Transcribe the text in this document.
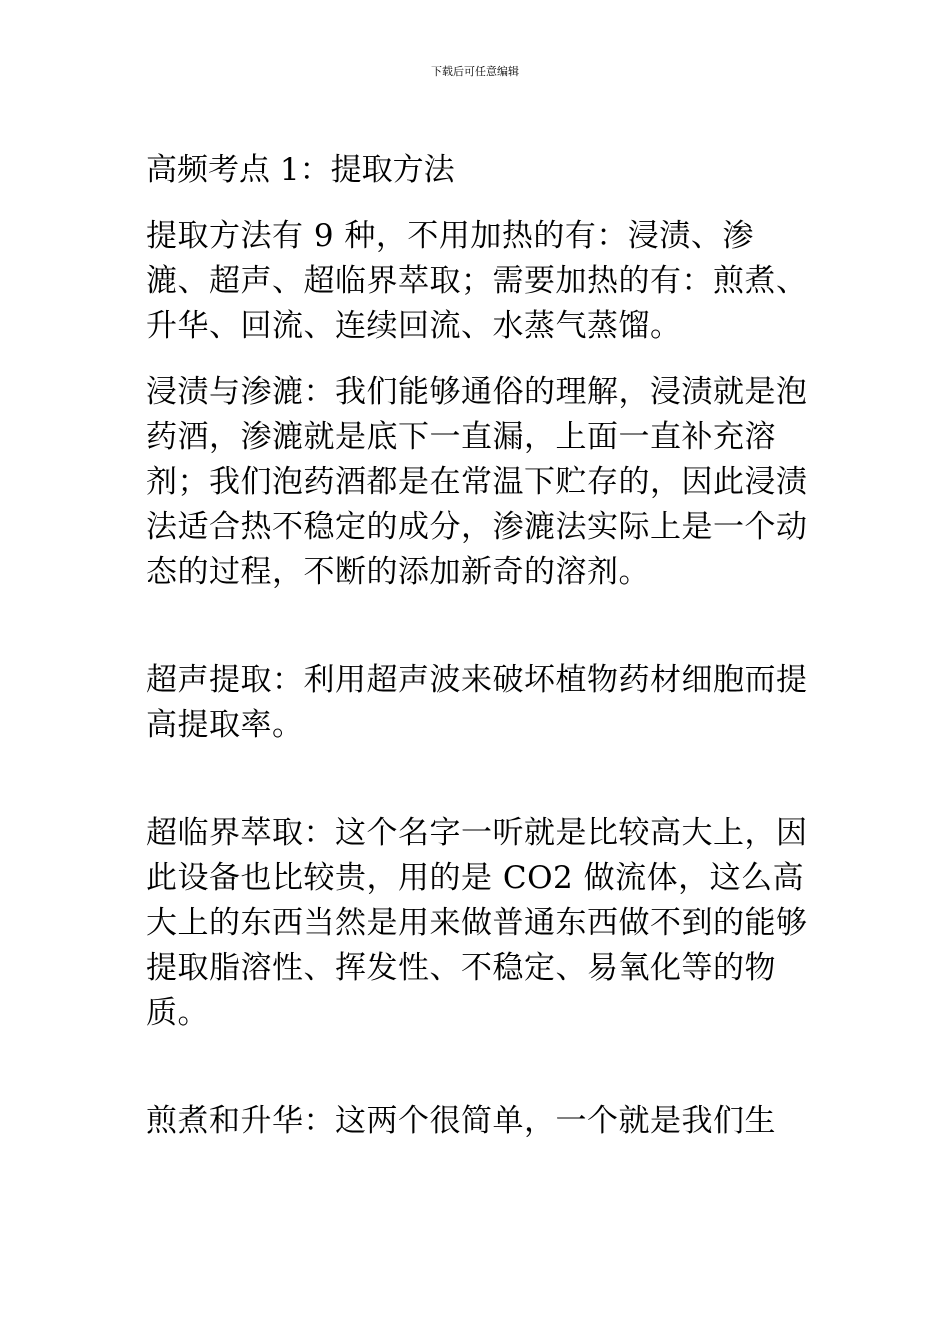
下载后可任意编辑

高频考点 1：提取方法

提取方法有 9 种，不用加热的有：浸渍、渗漉、超声、超临界萃取；需要加热的有：煎煮、升华、回流、连续回流、水蒸气蒸馏。

浸渍与渗漉：我们能够通俗的理解，浸渍就是泡药酒，渗漉就是底下一直漏，上面一直补充溶剂；我们泡药酒都是在常温下贮存的，因此浸渍法适合热不稳定的成分，渗漉法实际上是一个动态的过程，不断的添加新奇的溶剂。

超声提取：利用超声波来破坏植物药材细胞而提高提取率。

超临界萃取：这个名字一听就是比较高大上，因此设备也比较贵，用的是 CO2 做流体，这么高大上的东西当然是用来做普通东西做不到的能够提取脂溶性、挥发性、不稳定、易氧化等的物质。

煎煮和升华：这两个很简单，一个就是我们生
